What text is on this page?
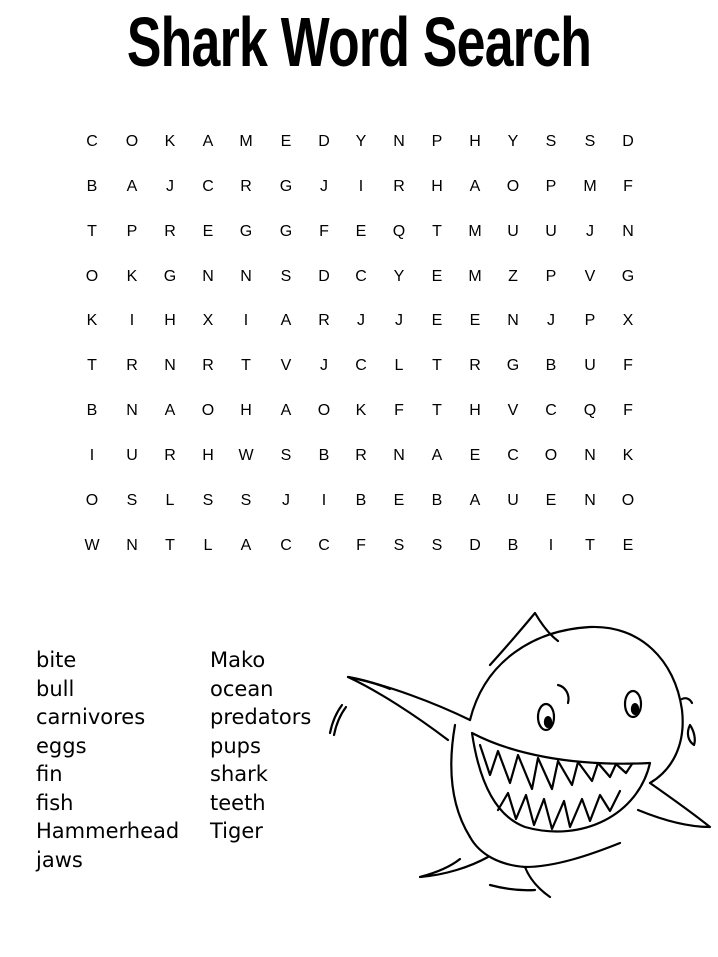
Shark Word Search
C	O	K	A	M	E	D	Y	N	P	H	Y	S	S	D
B	A	J	C	R	G	J	I	R	H	A	O	P	M	F
T	P	R	E	G	G	F	E	Q	T	M	U	U	J	N
O	K	G	N	N	S	D	C	Y	E	M	Z	P	V	G
K	I	H	X	I	A	R	J	J	E	E	N	J	P	X
T	R	N	R	T	V	J	C	L	T	R	G	B	U	F
B	N	A	O	H	A	O	K	F	T	H	V	C	Q	F
I	U	R	H	W	S	B	R	N	A	E	C	O	N	K
O	S	L	S	S	J	I	B	E	B	A	U	E	N	O
W	N	T	L	A	C	C	F	S	S	D	B	I	T	E
bite
bull
carnivores
eggs
fin
fish
Hammerhead
jaws
Mako
ocean
predators
pups
shark
teeth
Tiger
